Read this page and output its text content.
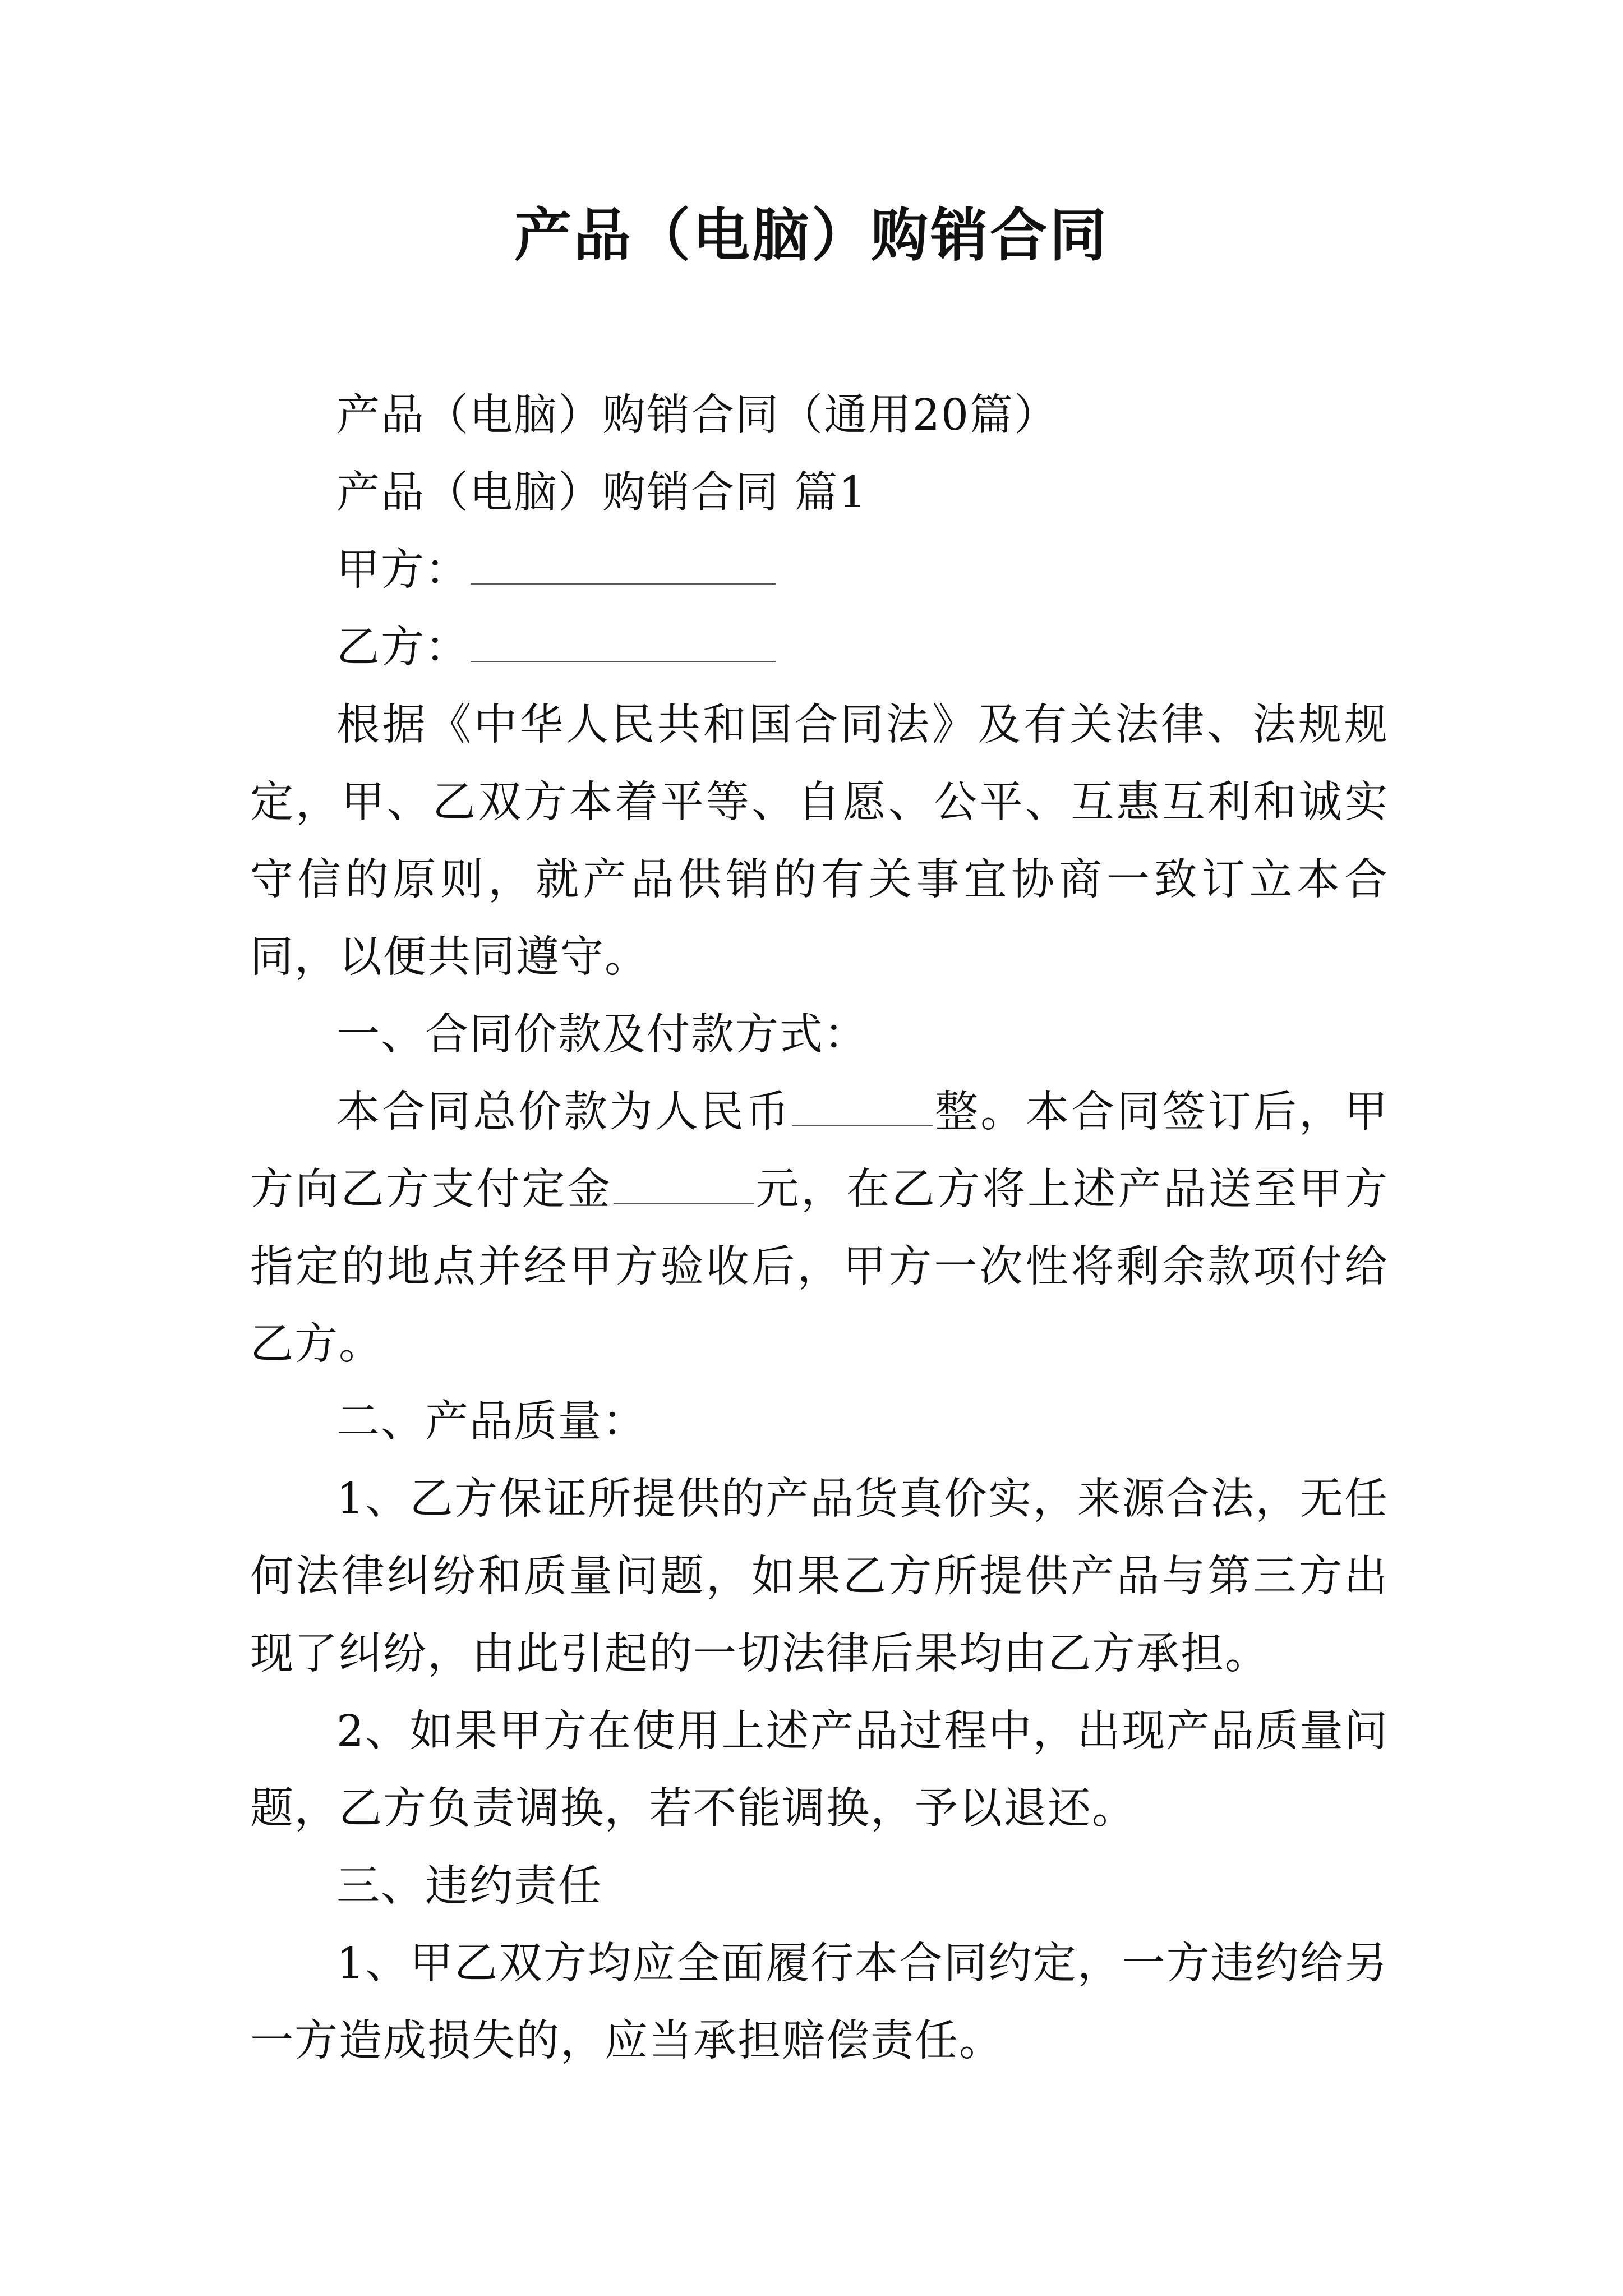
产品（电脑）购销合同

产品（电脑）购销合同（通用20篇）

产品（电脑）购销合同 篇1

甲方：

乙方：

根据《中华人民共和国合同法》及有关法律、法规规定，甲、乙双方本着平等、自愿、公平、互惠互利和诚实守信的原则，就产品供销的有关事宜协商一致订立本合同，以便共同遵守。

一、合同价款及付款方式：

本合同总价款为人民币	整。本合同签订后，甲方向乙方支付定金	元，在乙方将上述产品送至甲方指定的地点并经甲方验收后，甲方一次性将剩余款项付给乙方。

二、产品质量：

1、乙方保证所提供的产品货真价实，来源合法，无任何法律纠纷和质量问题，如果乙方所提供产品与第三方出现了纠纷，由此引起的一切法律后果均由乙方承担。

2、如果甲方在使用上述产品过程中，出现产品质量问题，乙方负责调换，若不能调换，予以退还。

三、违约责任

1、甲乙双方均应全面履行本合同约定，一方违约给另一方造成损失的，应当承担赔偿责任。
